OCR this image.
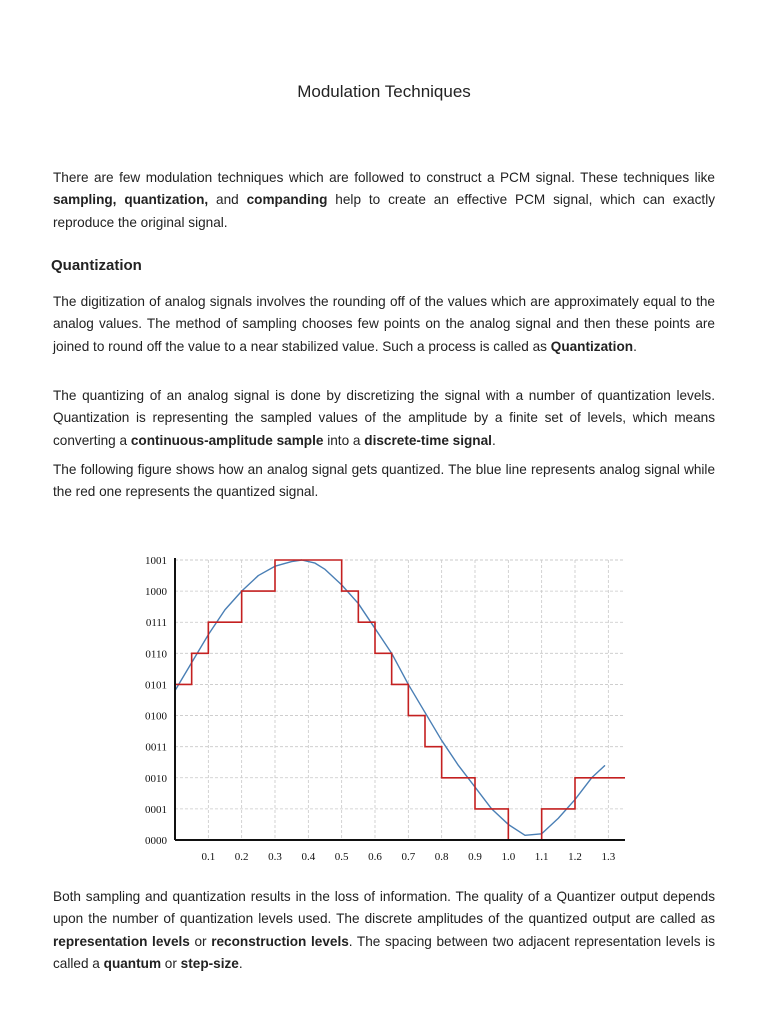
Modulation Techniques

There are few modulation techniques which are followed to construct a PCM signal. These techniques like sampling, quantization, and companding help to create an effective PCM signal, which can exactly reproduce the original signal.

Quantization

The digitization of analog signals involves the rounding off of the values which are approximately equal to the analog values. The method of sampling chooses few points on the analog signal and then these points are joined to round off the value to a near stabilized value. Such a process is called as Quantization.

The quantizing of an analog signal is done by discretizing the signal with a number of quantization levels. Quantization is representing the sampled values of the amplitude by a finite set of levels, which means converting a continuous-amplitude sample into a discrete-time signal.

The following figure shows how an analog signal gets quantized. The blue line represents analog signal while the red one represents the quantized signal.

0000
0001
0010
0011
0100
0101
0110
0111
1000
1001
0.1 0.2 0.3 0.4 0.5 0.6 0.7 0.8 0.9 1.0 1.1 1.2 1.3

Both sampling and quantization results in the loss of information. The quality of a Quantizer output depends upon the number of quantization levels used. The discrete amplitudes of the quantized output are called as representation levels or reconstruction levels. The spacing between two adjacent representation levels is called a quantum or step-size.
